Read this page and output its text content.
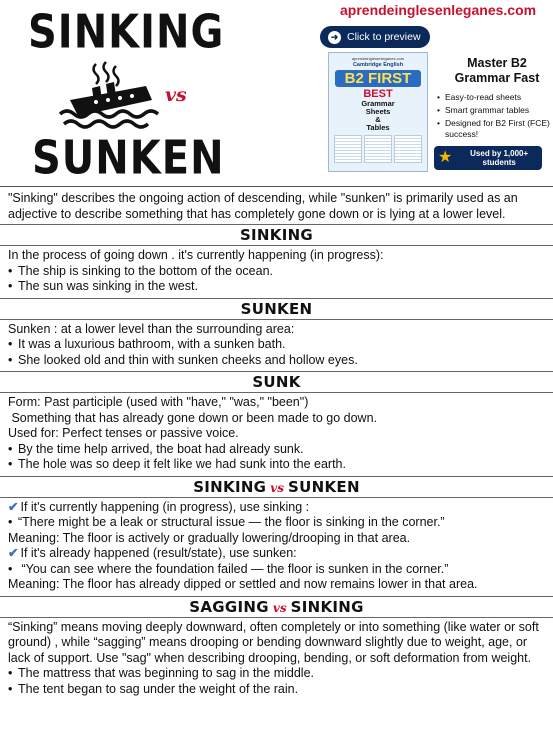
SINKING
vs
SUNKEN
aprendeinglesenleganes.com
➜ Click to preview
aprendeinglesenleganes.com
Cambridge English
B2 FIRST
BEST
Grammar
Sheets
&
Tables
Master B2 Grammar Fast
• Easy-to-read sheets
• Smart grammar tables
• Designed for B2 First (FCE) success!
★	Used by 1,000+ students
"Sinking" describes the ongoing action of descending, while "sunken" is primarily used as an adjective to describe something that has completely gone down or is lying at a lower level.
SINKING
In the process of going down . it's currently happening (in progress):
• The ship is sinking to the bottom of the ocean.
• The sun was sinking in the west.
SUNKEN
Sunken : at a lower level than the surrounding area:
• It was a luxurious bathroom, with a sunken bath.
• She looked old and thin with sunken cheeks and hollow eyes.
SUNK
Form: Past participle (used with "have," "was," "been")
Something that has already gone down or been made to go down.
Used for: Perfect tenses or passive voice.
• By the time help arrived, the boat had already sunk.
• The hole was so deep it felt like we had sunk into the earth.
SINKING vs SUNKEN
✔ If it's currently happening (in progress), use sinking :
• “There might be a leak or structural issue — the floor is sinking in the corner.”
Meaning: The floor is actively or gradually lowering/drooping in that area.
✔ If it's already happened (result/state), use sunken:
•  “You can see where the foundation failed — the floor is sunken in the corner.”
Meaning: The floor has already dipped or settled and now remains lower in that area.
SAGGING vs SINKING
“Sinking” means moving deeply downward, often completely or into something (like water or soft ground) , while “sagging” means drooping or bending downward slightly due to weight, age, or lack of support. Use "sag" when describing drooping, bending, or soft deformation from weight.
• The mattress that was beginning to sag in the middle.
• The tent began to sag under the weight of the rain.
